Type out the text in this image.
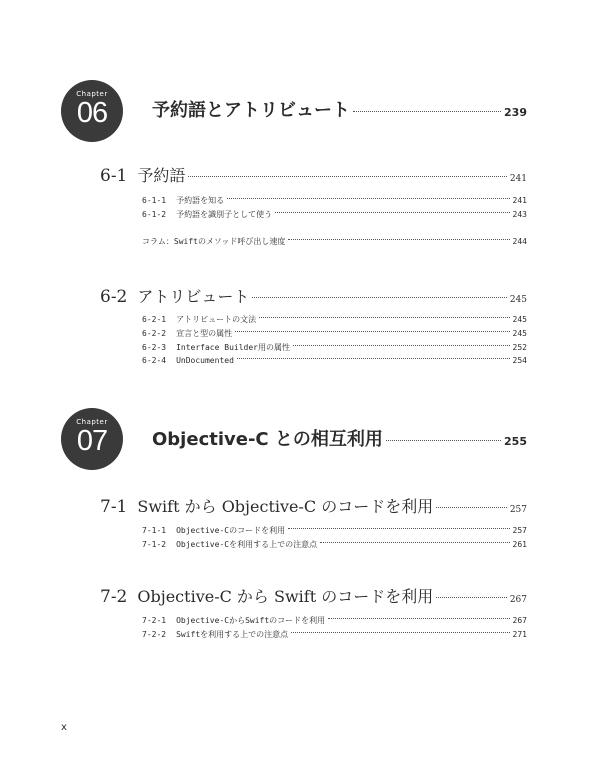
Chapter
06	予約語とアトリビュート	239
6-1 予約語	241
6-1-1 予約語を知る	241
6-1-2 予約語を識別子として使う	243
コラム：Swiftのメソッド呼び出し速度	244
6-2 アトリビュート	245
6-2-1 アトリビュートの文法	245
6-2-2 宣言と型の属性	245
6-2-3 Interface Builder用の属性	252
6-2-4 UnDocumented	254
Chapter
07	Objective-C との相互利用	255
7-1 Swift から Objective-C のコードを利用	257
7-1-1 Objective-Cのコードを利用	257
7-1-2 Objective-Cを利用する上での注意点	261
7-2 Objective-C から Swift のコードを利用	267
7-2-1 Objective-CからSwiftのコードを利用	267
7-2-2 Swiftを利用する上での注意点	271
x
